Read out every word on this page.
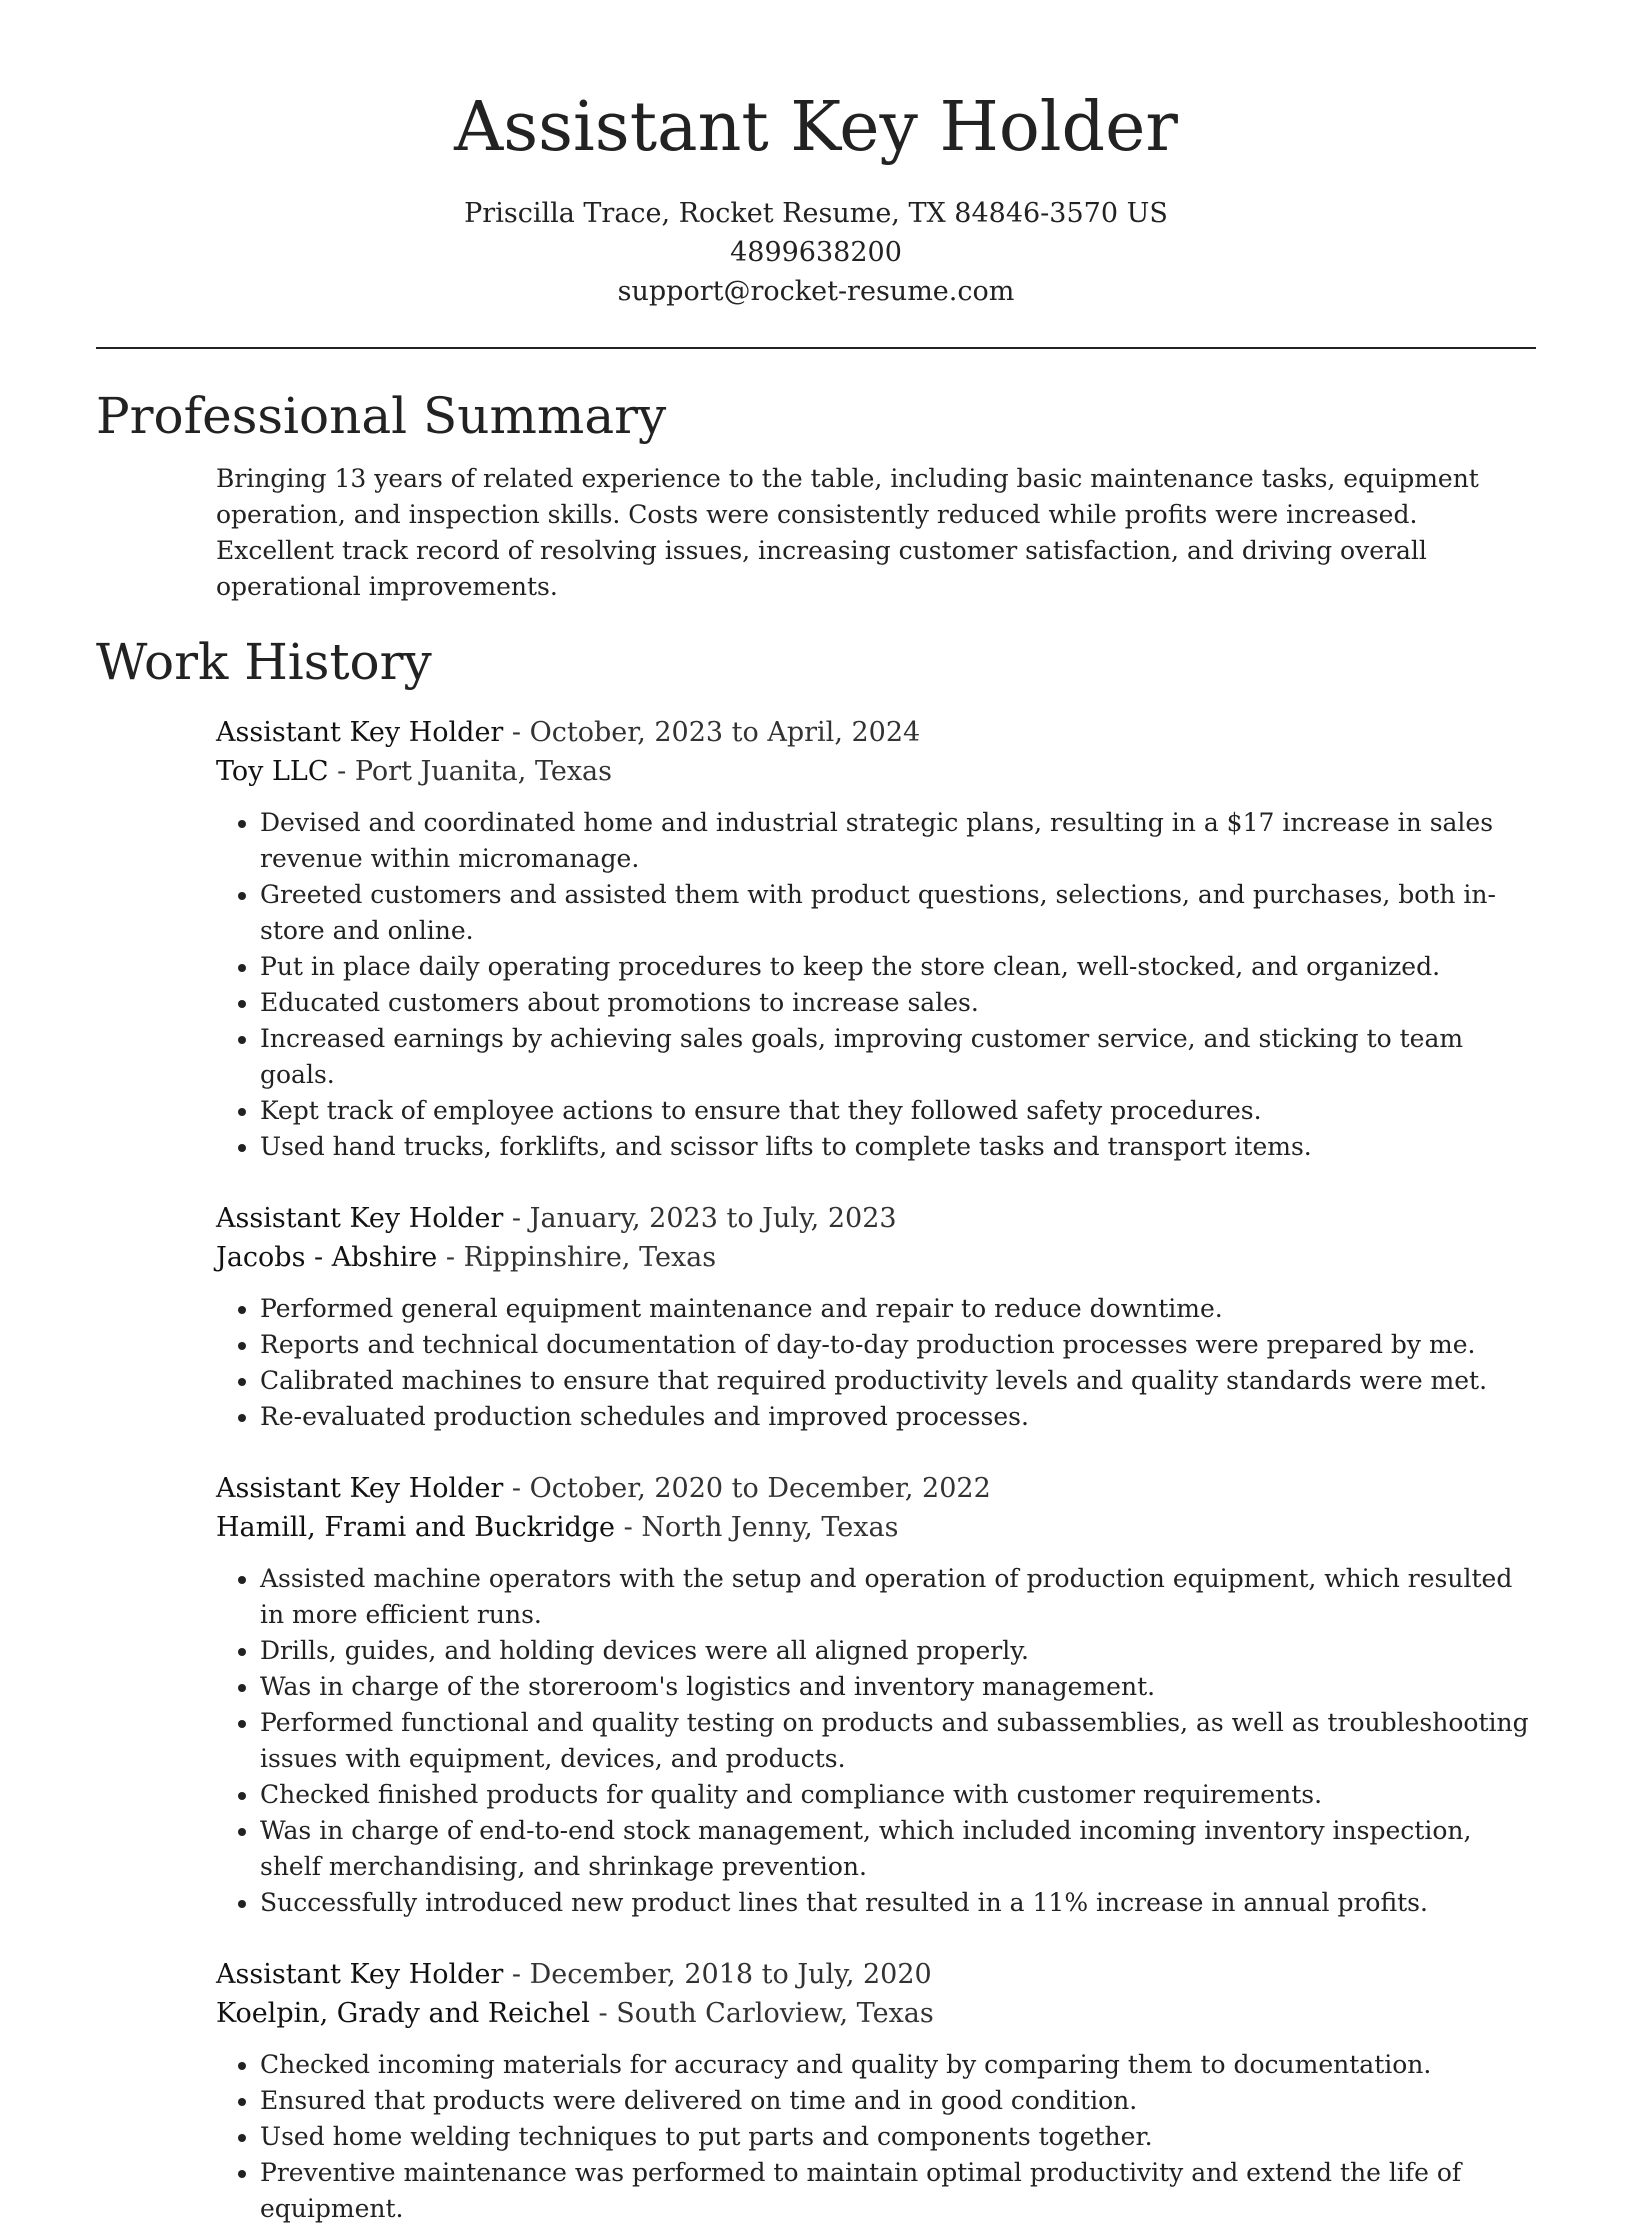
Assistant Key Holder
Priscilla Trace, Rocket Resume, TX 84846-3570 US
4899638200
support@rocket-resume.com
Professional Summary

Bringing 13 years of related experience to the table, including basic maintenance tasks, equipment operation, and inspection skills. Costs were consistently reduced while profits were increased. Excellent track record of resolving issues, increasing customer satisfaction, and driving overall operational improvements.

Work History
Assistant Key Holder - October, 2023 to April, 2024
Toy LLC - Port Juanita, Texas
• Devised and coordinated home and industrial strategic plans, resulting in a $17 increase in sales revenue within micromanage.
• Greeted customers and assisted them with product questions, selections, and purchases, both in-store and online.
• Put in place daily operating procedures to keep the store clean, well-stocked, and organized.
• Educated customers about promotions to increase sales.
• Increased earnings by achieving sales goals, improving customer service, and sticking to team goals.
• Kept track of employee actions to ensure that they followed safety procedures.
• Used hand trucks, forklifts, and scissor lifts to complete tasks and transport items.
Assistant Key Holder - January, 2023 to July, 2023
Jacobs - Abshire - Rippinshire, Texas
• Performed general equipment maintenance and repair to reduce downtime.
• Reports and technical documentation of day-to-day production processes were prepared by me.
• Calibrated machines to ensure that required productivity levels and quality standards were met.
• Re-evaluated production schedules and improved processes.
Assistant Key Holder - October, 2020 to December, 2022
Hamill, Frami and Buckridge - North Jenny, Texas
• Assisted machine operators with the setup and operation of production equipment, which resulted in more efficient runs.
• Drills, guides, and holding devices were all aligned properly.
• Was in charge of the storeroom's logistics and inventory management.
• Performed functional and quality testing on products and subassemblies, as well as troubleshooting issues with equipment, devices, and products.
• Checked finished products for quality and compliance with customer requirements.
• Was in charge of end-to-end stock management, which included incoming inventory inspection, shelf merchandising, and shrinkage prevention.
• Successfully introduced new product lines that resulted in a 11% increase in annual profits.
Assistant Key Holder - December, 2018 to July, 2020
Koelpin, Grady and Reichel - South Carloview, Texas
• Checked incoming materials for accuracy and quality by comparing them to documentation.
• Ensured that products were delivered on time and in good condition.
• Used home welding techniques to put parts and components together.
• Preventive maintenance was performed to maintain optimal productivity and extend the life of equipment.
